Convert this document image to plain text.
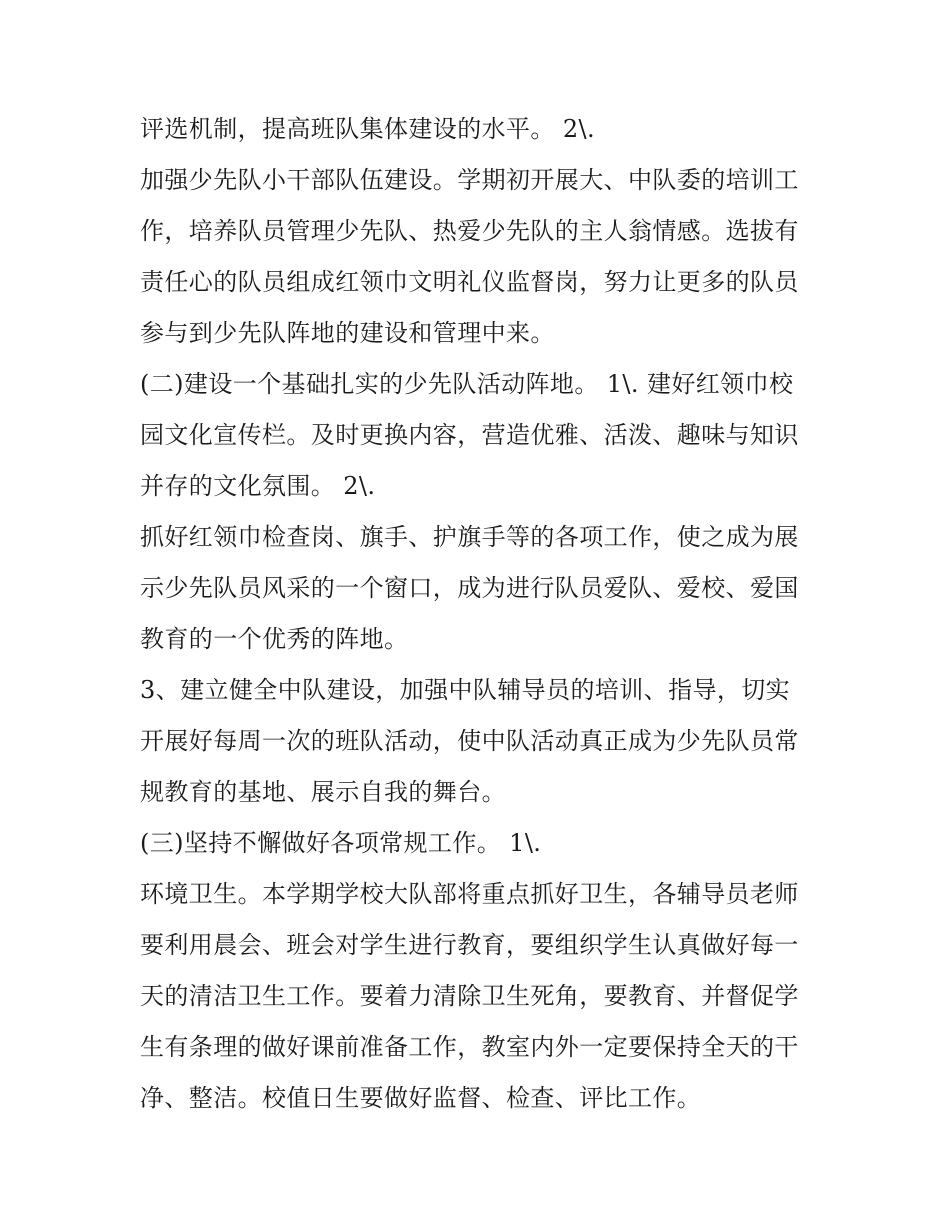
评选机制，提高班队集体建设的水平。 2\.
加强少先队小干部队伍建设。学期初开展大、中队委的培训工
作，培养队员管理少先队、热爱少先队的主人翁情感。选拔有
责任心的队员组成红领巾文明礼仪监督岗，努力让更多的队员
参与到少先队阵地的建设和管理中来。
(二)建设一个基础扎实的少先队活动阵地。 1\. 建好红领巾校
园文化宣传栏。及时更换内容，营造优雅、活泼、趣味与知识
并存的文化氛围。 2\.
抓好红领巾检查岗、旗手、护旗手等的各项工作，使之成为展
示少先队员风采的一个窗口，成为进行队员爱队、爱校、爱国
教育的一个优秀的阵地。
3、建立健全中队建设，加强中队辅导员的培训、指导，切实
开展好每周一次的班队活动，使中队活动真正成为少先队员常
规教育的基地、展示自我的舞台。
(三)坚持不懈做好各项常规工作。 1\.
环境卫生。本学期学校大队部将重点抓好卫生，各辅导员老师
要利用晨会、班会对学生进行教育，要组织学生认真做好每一
天的清洁卫生工作。要着力清除卫生死角，要教育、并督促学
生有条理的做好课前准备工作，教室内外一定要保持全天的干
净、整洁。校值日生要做好监督、检查、评比工作。
